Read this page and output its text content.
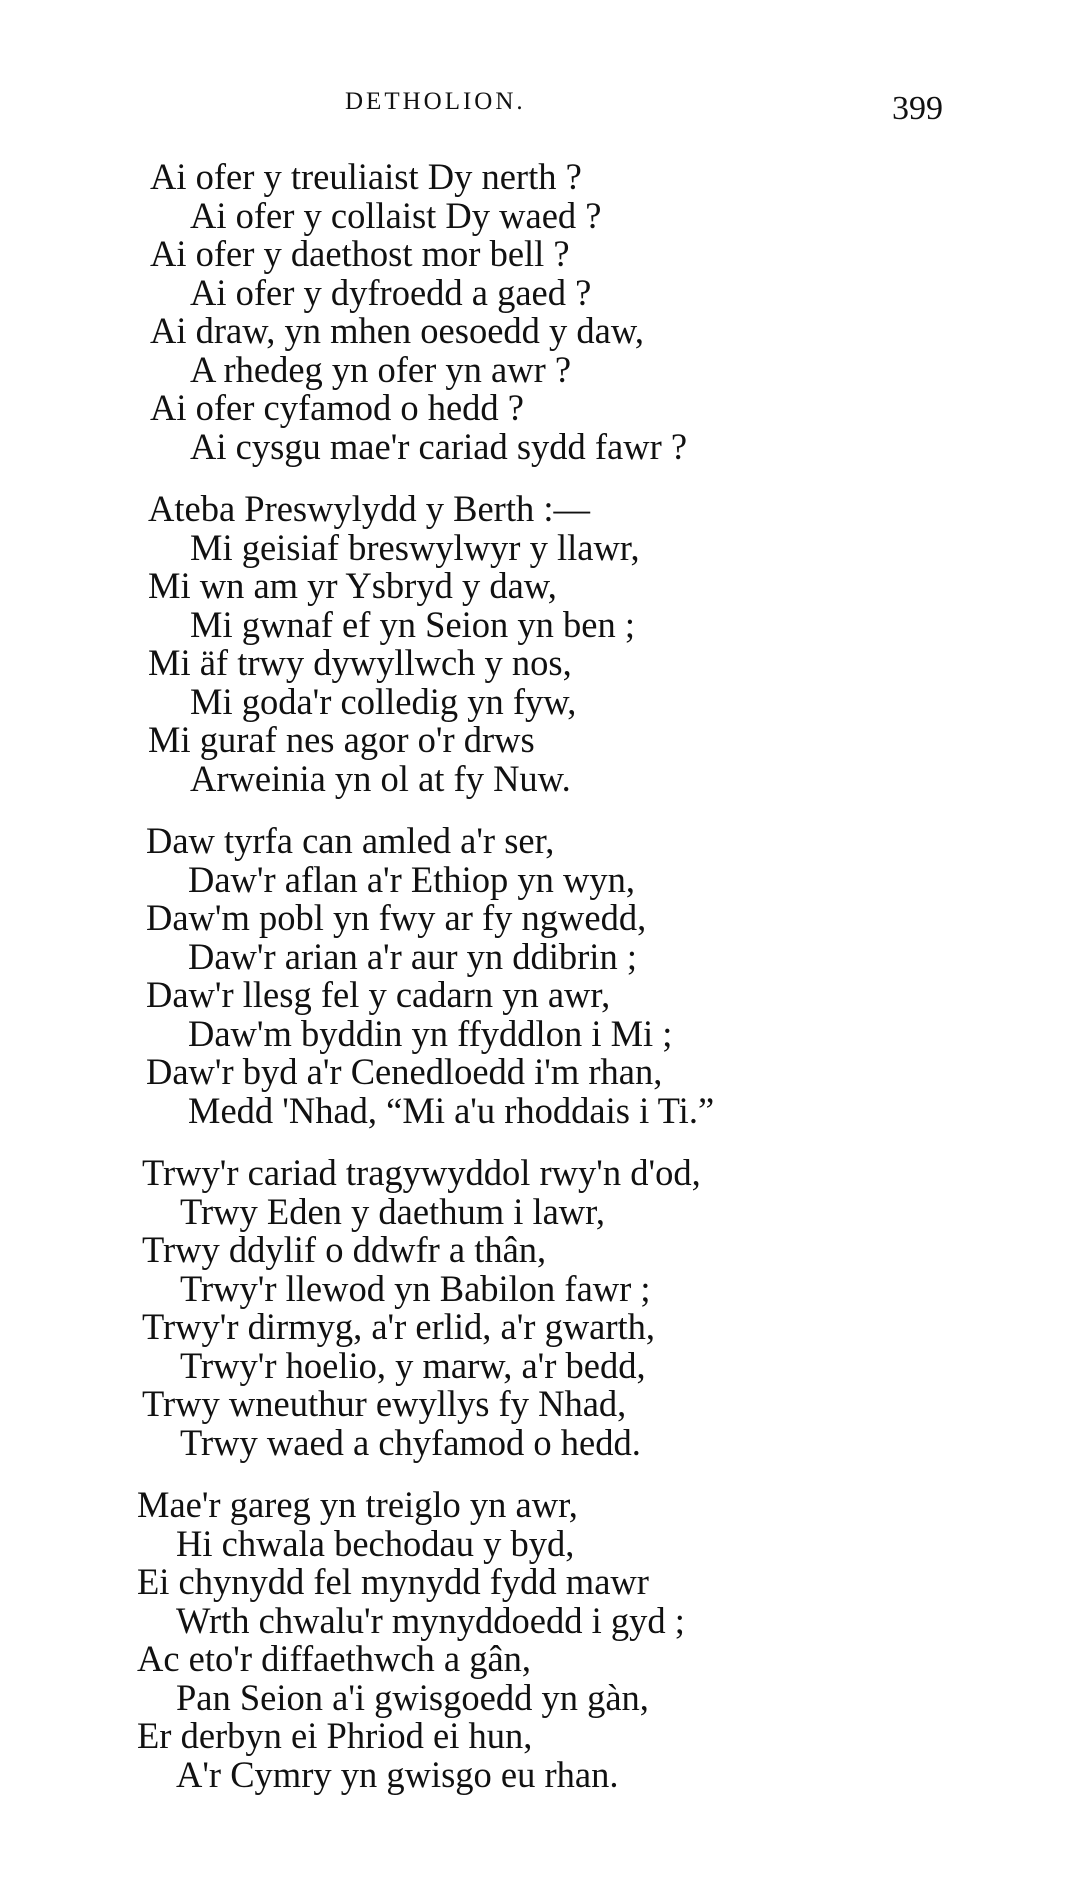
DETHOLION.	399
Ai ofer y treuliaist Dy nerth ?
Ai ofer y collaist Dy waed ?
Ai ofer y daethost mor bell ?
Ai ofer y dyfroedd a gaed ?
Ai draw, yn mhen oesoedd y daw,
A rhedeg yn ofer yn awr ?
Ai ofer cyfamod o hedd ?
Ai cysgu mae'r cariad sydd fawr ?
Ateba Preswylydd y Berth :—
Mi geisiaf breswylwyr y llawr,
Mi wn am yr Ysbryd y daw,
Mi gwnaf ef yn Seion yn ben ;
Mi äf trwy dywyllwch y nos,
Mi goda'r colledig yn fyw,
Mi guraf nes agor o'r drws
Arweinia yn ol at fy Nuw.
Daw tyrfa can amled a'r ser,
Daw'r aflan a'r Ethiop yn wyn,
Daw'm pobl yn fwy ar fy ngwedd,
Daw'r arian a'r aur yn ddibrin ;
Daw'r llesg fel y cadarn yn awr,
Daw'm byddin yn ffyddlon i Mi ;
Daw'r byd a'r Cenedloedd i'm rhan,
Medd 'Nhad, “Mi a'u rhoddais i Ti.”
Trwy'r cariad tragywyddol rwy'n d'od,
Trwy Eden y daethum i lawr,
Trwy ddylif o ddwfr a thân,
Trwy'r llewod yn Babilon fawr ;
Trwy'r dirmyg, a'r erlid, a'r gwarth,
Trwy'r hoelio, y marw, a'r bedd,
Trwy wneuthur ewyllys fy Nhad,
Trwy waed a chyfamod o hedd.
Mae'r gareg yn treiglo yn awr,
Hi chwala bechodau y byd,
Ei chynydd fel mynydd fydd mawr
Wrth chwalu'r mynyddoedd i gyd ;
Ac eto'r diffaethwch a gân,
Pan Seion a'i gwisgoedd yn gàn,
Er derbyn ei Phriod ei hun,
A'r Cymry yn gwisgo eu rhan.
